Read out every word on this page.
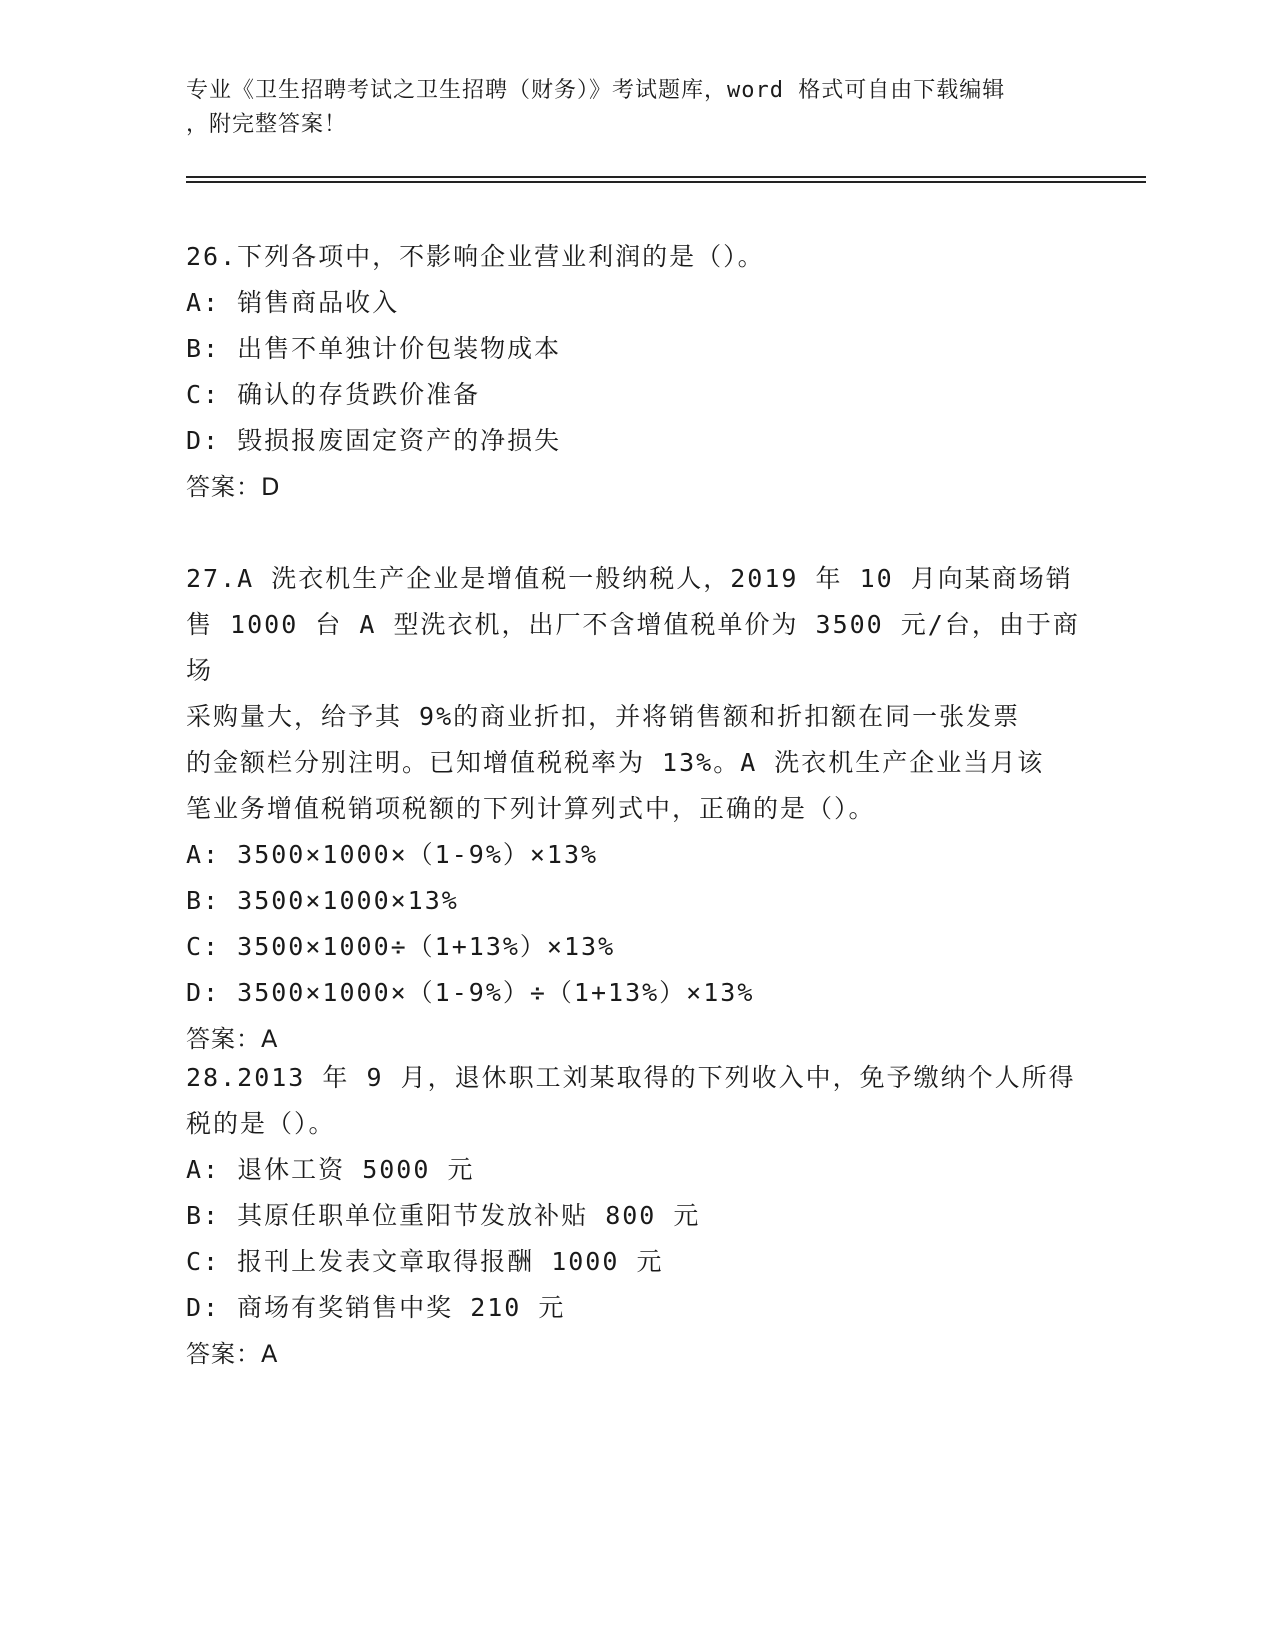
专业《卫生招聘考试之卫生招聘（财务）》考试题库，word 格式可自由下载编辑
，附完整答案！

26.下列各项中，不影响企业营业利润的是（）。

A: 销售商品收入

B: 出售不单独计价包装物成本

C: 确认的存货跌价准备

D: 毁损报废固定资产的净损失

答案：D

27.A 洗衣机生产企业是增值税一般纳税人，2019 年 10 月向某商场销
售 1000 台 A 型洗衣机，出厂不含增值税单价为 3500 元/台，由于商场
采购量大，给予其 9%的商业折扣，并将销售额和折扣额在同一张发票
的金额栏分别注明。已知增值税税率为 13%。A 洗衣机生产企业当月该
笔业务增值税销项税额的下列计算列式中，正确的是（）。

A: 3500×1000×（1-9%）×13%

B: 3500×1000×13%

C: 3500×1000÷（1+13%）×13%

D: 3500×1000×（1-9%）÷（1+13%）×13%

答案：A

28.2013 年 9 月，退休职工刘某取得的下列收入中，免予缴纳个人所得
税的是（）。

A: 退休工资 5000 元

B: 其原任职单位重阳节发放补贴 800 元

C: 报刊上发表文章取得报酬 1000 元

D: 商场有奖销售中奖 210 元

答案：A
